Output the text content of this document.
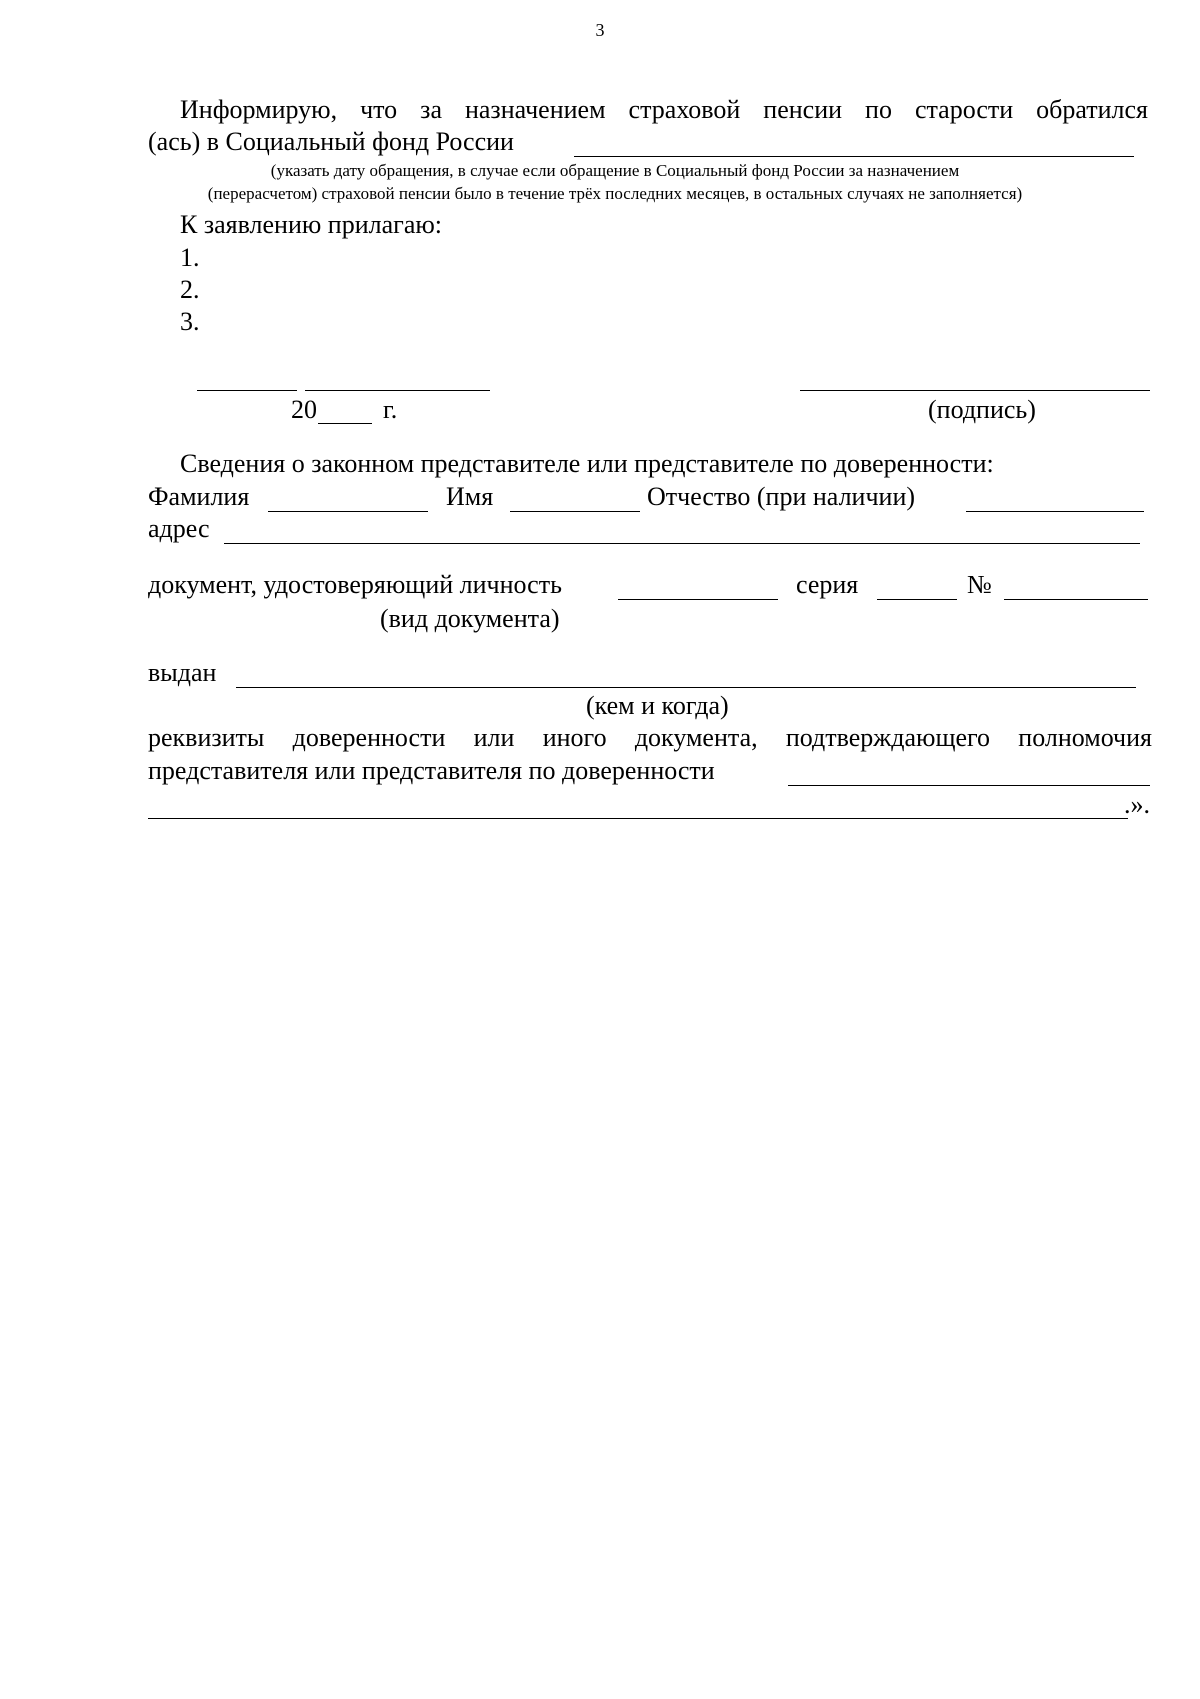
3
Информирую, что за назначением страховой пенсии по старости обратился
(ась) в Социальный фонд России
(указать дату обращения, в случае если обращение в Социальный фонд России за назначением
(перерасчетом) страховой пенсии было в течение трёх последних месяцев, в остальных случаях не заполняется)
К заявлению прилагаю:
1.
2.
3.
20	г.	(подпись)
Сведения о законном представителе или представителе по доверенности:
Фамилия	Имя	Отчество (при наличии)
адрес
документ, удостоверяющий личность	серия	№
(вид документа)
выдан
(кем и когда)
реквизиты доверенности или иного документа, подтверждающего полномочия
представителя или представителя по доверенности
.».
